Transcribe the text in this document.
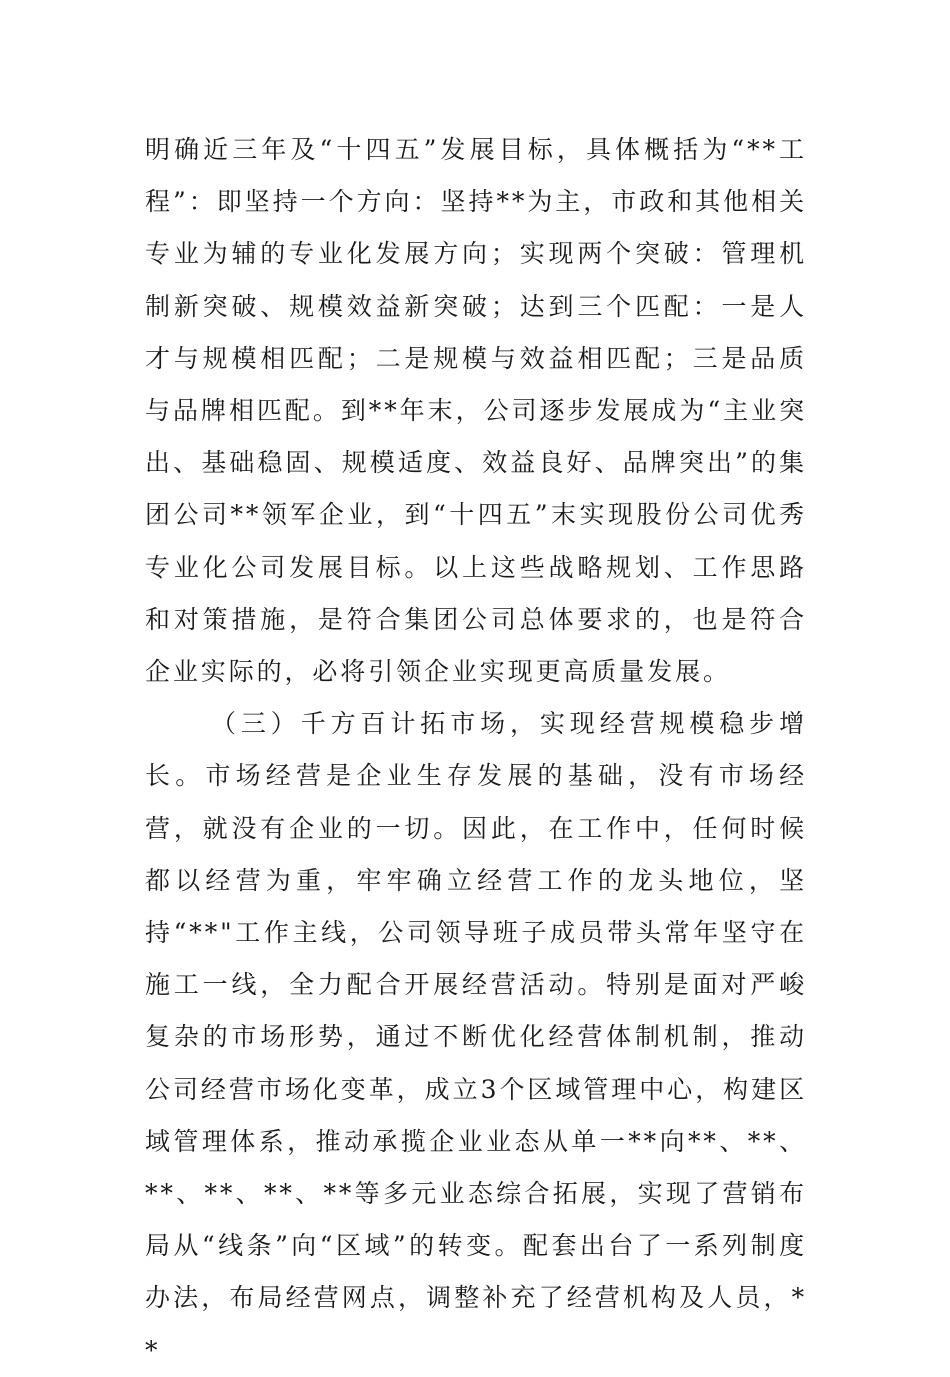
明确近三年及“十四五”发展目标，具体概括为“**工程”：即坚持一个方向：坚持**为主，市政和其他相关专业为辅的专业化发展方向；实现两个突破：管理机制新突破、规模效益新突破；达到三个匹配：一是人才与规模相匹配；二是规模与效益相匹配；三是品质与品牌相匹配。到**年末，公司逐步发展成为“主业突出、基础稳固、规模适度、效益良好、品牌突出”的集团公司**领军企业，到“十四五”末实现股份公司优秀专业化公司发展目标。以上这些战略规划、工作思路和对策措施，是符合集团公司总体要求的，也是符合企业实际的，必将引领企业实现更高质量发展。

（三）千方百计拓市场，实现经营规模稳步增长。市场经营是企业生存发展的基础，没有市场经营，就没有企业的一切。因此，在工作中，任何时候都以经营为重，牢牢确立经营工作的龙头地位，坚持“**"工作主线，公司领导班子成员带头常年坚守在施工一线，全力配合开展经营活动。特别是面对严峻复杂的市场形势，通过不断优化经营体制机制，推动公司经营市场化变革，成立3个区域管理中心，构建区域管理体系，推动承揽企业业态从单一**向**、**、**、**、**、**等多元业态综合拓展，实现了营销布局从“线条”向“区域”的转变。配套出台了一系列制度办法，布局经营网点，调整补充了经营机构及人员，**
